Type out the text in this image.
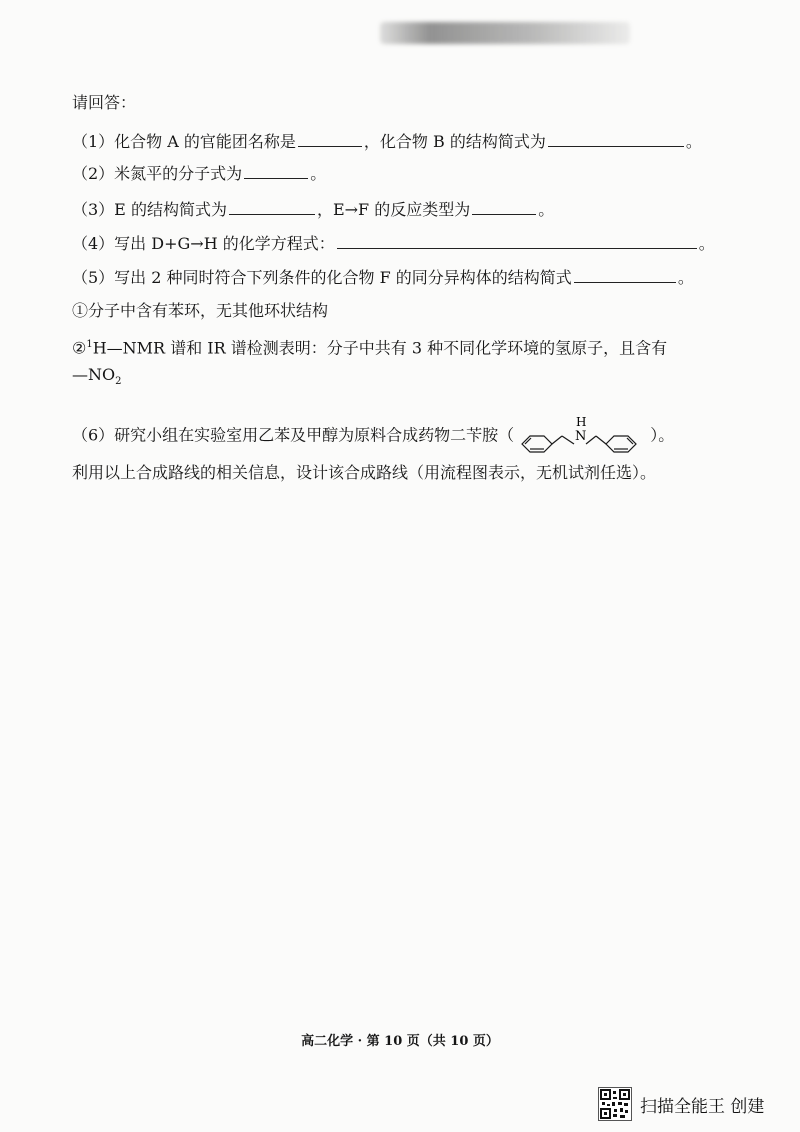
请回答：
（1）化合物 A 的官能团名称是	，化合物 B 的结构简式为	。
（2）米氮平的分子式为	。
（3）E 的结构简式为	，E→F 的反应类型为	。
（4）写出 D+G→H 的化学方程式：	。
（5）写出 2 种同时符合下列条件的化合物 F 的同分异构体的结构简式	。
①分子中含有苯环，无其他环状结构
②$^1$H—NMR 谱和 IR 谱检测表明：分子中共有 3 种不同化学环境的氢原子，且含有
$—NO_2$
（6）研究小组在实验室用乙苯及甲醇为原料合成药物二苄胺（
H
N	）。
利用以上合成路线的相关信息，设计该合成路线（用流程图表示，无机试剂任选）。
高二化学 · 第 10 页（共 10 页）
扫描全能王 创建
